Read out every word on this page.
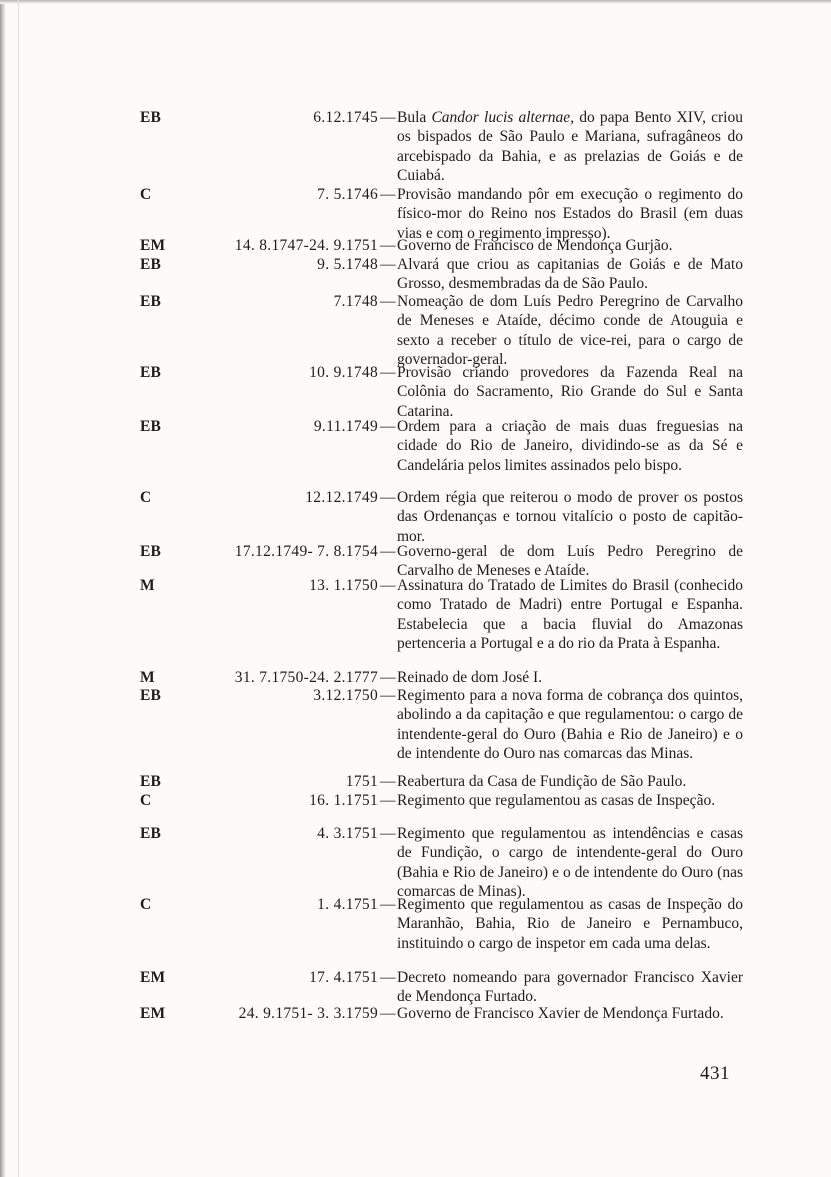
EB	6.12.1745 — Bula Candor lucis alternae, do papa Bento XIV, criou os bispados de São Paulo e Mariana, sufragâneos do arcebispado da Bahia, e as prelazias de Goiás e de Cuiabá.
C	7. 5.1746 — Provisão mandando pôr em execução o regimento do físico-mor do Reino nos Estados do Brasil (em duas vias e com o regimento impresso).
EM	14. 8.1747-24. 9.1751 — Governo de Francisco de Mendonça Gurjão.
EB	9. 5.1748 — Alvará que criou as capitanias de Goiás e de Mato Grosso, desmembradas da de São Paulo.
EB	7.1748 — Nomeação de dom Luís Pedro Peregrino de Carvalho de Meneses e Ataíde, décimo conde de Atouguia e sexto a receber o título de vice-rei, para o cargo de governador-geral.
EB	10. 9.1748 — Provisão criando provedores da Fazenda Real na Colônia do Sacramento, Rio Grande do Sul e Santa Catarina.
EB	9.11.1749 — Ordem para a criação de mais duas freguesias na cidade do Rio de Janeiro, dividindo-se as da Sé e Candelária pelos limites assinados pelo bispo.
C	12.12.1749 — Ordem régia que reiterou o modo de prover os postos das Ordenanças e tornou vitalício o posto de capitão-mor.
EB	17.12.1749- 7. 8.1754 — Governo-geral de dom Luís Pedro Peregrino de Carvalho de Meneses e Ataíde.
M	13. 1.1750 — Assinatura do Tratado de Limites do Brasil (conhecido como Tratado de Madri) entre Portugal e Espanha. Estabelecia que a bacia fluvial do Amazonas pertenceria a Portugal e a do rio da Prata à Espanha.
M	31. 7.1750-24. 2.1777 — Reinado de dom José I.
EB	3.12.1750 — Regimento para a nova forma de cobrança dos quintos, abolindo a da capitação e que regulamentou: o cargo de intendente-geral do Ouro (Bahia e Rio de Janeiro) e o de intendente do Ouro nas comarcas das Minas.
EB	1751 — Reabertura da Casa de Fundição de São Paulo.
C	16. 1.1751 — Regimento que regulamentou as casas de Inspeção.
EB	4. 3.1751 — Regimento que regulamentou as intendências e casas de Fundição, o cargo de intendente-geral do Ouro (Bahia e Rio de Janeiro) e o de intendente do Ouro (nas comarcas de Minas).
C	1. 4.1751 — Regimento que regulamentou as casas de Inspeção do Maranhão, Bahia, Rio de Janeiro e Pernambuco, instituindo o cargo de inspetor em cada uma delas.
EM	17. 4.1751 — Decreto nomeando para governador Francisco Xavier de Mendonça Furtado.
EM	24. 9.1751- 3. 3.1759 — Governo de Francisco Xavier de Mendonça Furtado.
431
